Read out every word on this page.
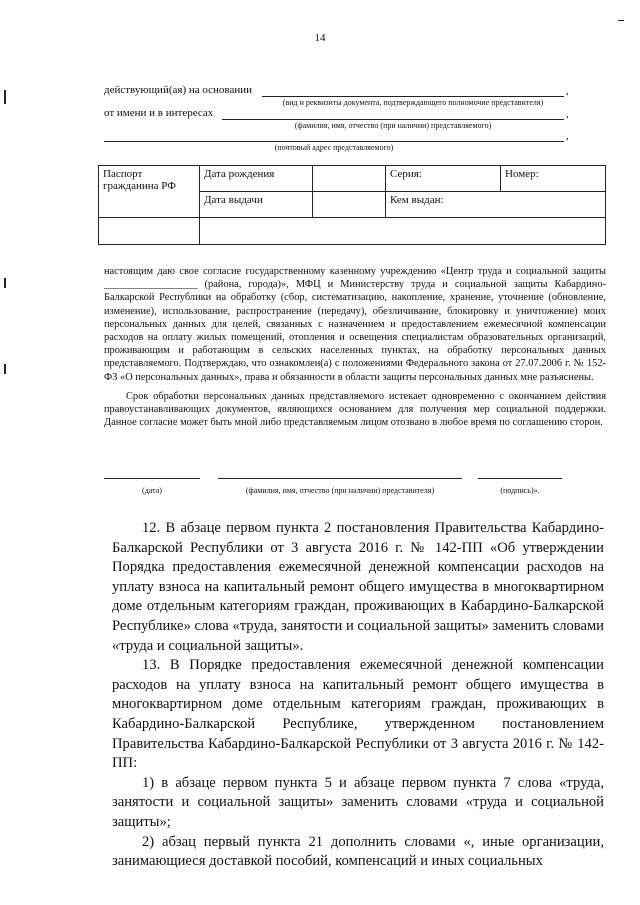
14
действующий(ая) на основании	,
(вид и реквизиты документа, подтверждающего полномочие представителя)
от имени и в интересах	,
(фамилия, имя, отчество (при наличии) представляемого)
,
(почтовый адрес представляемого)
Паспорт гражданина РФ	Дата рождения		Серия:	Номер:
	Дата выдачи		Кем выдан:	

настоящим даю свое согласие государственному казенному учреждению «Центр труда и социальной защиты __________________ (района, города)», МФЦ и Министерству труда и социальной защиты Кабардино-Балкарской Республики на обработку (сбор, систематизацию, накопление, хранение, уточнение (обновление, изменение), использование, распространение (передачу), обезличивание, блокировку и уничтожение) моих персональных данных для целей, связанных с назначением и предоставлением ежемесячной компенсации расходов на оплату жилых помещений, отопления и освещения специалистам образовательных организаций, проживающим и работающим в сельских населенных пунктах, на обработку персональных данных представляемого. Подтверждаю, что ознакомлен(а) с положениями Федерального закона от 27.07.2006 г. № 152-ФЗ «О персональных данных», права и обязанности в области защиты персональных данных мне разъяснены.

Срок обработки персональных данных представляемого истекает одновременно с окончанием действия правоустанавливающих документов, являющихся основанием для получения мер социальной поддержки. Данное согласие может быть мной либо представляемым лицом отозвано в любое время по соглашению сторон.

(дата)	(фамилия, имя, отчество (при наличии) представителя)	(подпись)».

12. В абзаце первом пункта 2 постановления Правительства Кабардино-Балкарской Республики от 3 августа 2016 г. № 142-ПП «Об утверждении Порядка предоставления ежемесячной денежной компенсации расходов на уплату взноса на капитальный ремонт общего имущества в многоквартирном доме отдельным категориям граждан, проживающих в Кабардино-Балкарской Республике» слова «труда, занятости и социальной защиты» заменить словами «труда и социальной защиты».

13. В Порядке предоставления ежемесячной денежной компенсации расходов на уплату взноса на капитальный ремонт общего имущества в многоквартирном доме отдельным категориям граждан, проживающих в Кабардино-Балкарской Республике, утвержденном постановлением Правительства Кабардино-Балкарской Республики от 3 августа 2016 г. № 142-ПП:

1) в абзаце первом пункта 5 и абзаце первом пункта 7 слова «труда, занятости и социальной защиты» заменить словами «труда и социальной защиты»;

2) абзац первый пункта 21 дополнить словами «, иные организации, занимающиеся доставкой пособий, компенсаций и иных социальных
